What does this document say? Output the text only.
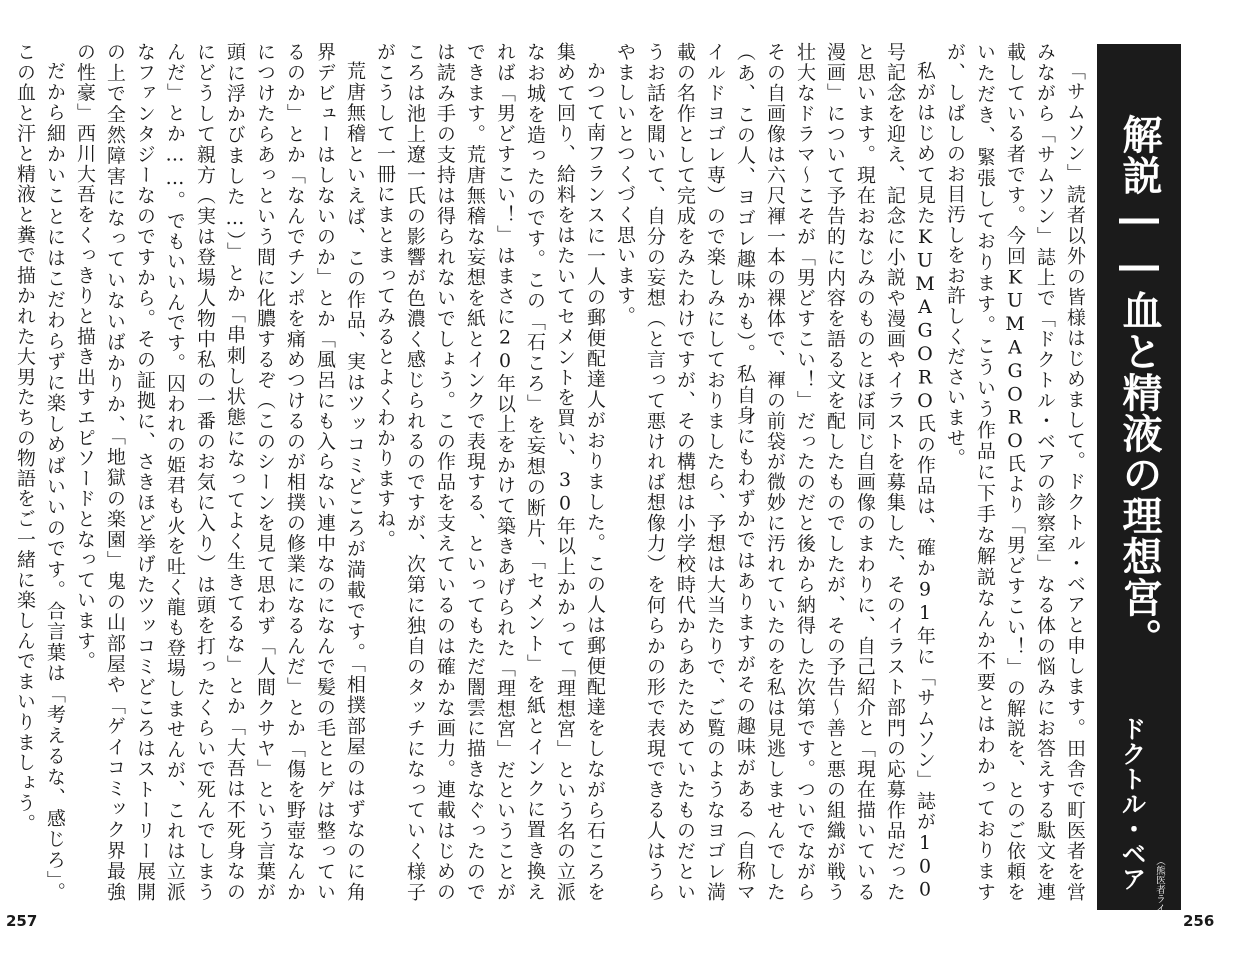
解説――血と精液の理想宮。
ドクトル・ベア
（熊医者ライター）

「サムソン」読者以外の皆様はじめまして。ドクトル・ベアと申します。田舎で町医者を営みながら「サムソン」誌上で「ドクトル・ベアの診察室」なる体の悩みにお答えする駄文を連載している者です。今回KUMAGORO氏より「男どすこい！」の解説を、とのご依頼をいただき、緊張しております。こういう作品に下手な解説なんか不要とはわかっておりますが、しばしのお目汚しをお許しくださいませ。

私がはじめて見たKUMAGORO氏の作品は、確か91年に「サムソン」誌が100号記念を迎え、記念に小説や漫画やイラストを募集した、そのイラスト部門の応募作品だったと思います。現在おなじみのものとほぼ同じ自画像のまわりに、自己紹介と「現在描いている漫画」について予告的に内容を語る文を配したものでしたが、その予告～善と悪の組織が戦う壮大なドラマ～こそが「男どすこい！」だったのだと後から納得した次第です。ついでながらその自画像は六尺褌一本の裸体で、褌の前袋が微妙に汚れていたのを私は見逃しませんでした（あ、この人、ヨゴレ趣味かも）。私自身にもわずかではありますがその趣味がある（自称マイルドヨゴレ専）ので楽しみにしておりましたら、予想は大当たりで、ご覧のようなヨゴレ満載の名作として完成をみたわけですが、その構想は小学校時代からあたためていたものだというお話を聞いて、自分の妄想（と言って悪ければ想像力）を何らかの形で表現できる人はうらやましいとつくづく思います。

かつて南フランスに一人の郵便配達人がおりました。この人は郵便配達をしながら石ころを集めて回り、給料をはたいてセメントを買い、30年以上かかって「理想宮」という名の立派なお城を造ったのです。この「石ころ」を妄想の断片、「セメント」を紙とインクに置き換えれば「男どすこい！」はまさに20年以上をかけて築きあげられた「理想宮」だということができます。荒唐無稽な妄想を紙とインクで表現する、といってもただ闇雲に描きなぐったのでは読み手の支持は得られないでしょう。この作品を支えているのは確かな画力。連載はじめのころは池上遼一氏の影響が色濃く感じられるのですが、次第に独自のタッチになっていく様子がこうして一冊にまとまってみるとよくわかりますね。

荒唐無稽といえば、この作品、実はツッコミどころが満載です。「相撲部屋のはずなのに角界デビューはしないのか」とか「風呂にも入らない連中なのになんで髪の毛とヒゲは整っているのか」とか「なんでチンポを痛めつけるのが相撲の修業になるんだ」とか「傷を野壺なんかにつけたらあっという間に化膿するぞ（このシーンを見て思わず「人間クサヤ」という言葉が頭に浮かびました…）」とか「串刺し状態になってよく生きてるな」とか「大吾は不死身なのにどうして親方（実は登場人物中私の一番のお気に入り）は頭を打ったくらいで死んでしまうんだ」とか……。でもいいんです。囚われの姫君も火を吐く龍も登場しませんが、これは立派なファンタジーなのですから。その証拠に、さきほど挙げたツッコミどころはストーリー展開の上で全然障害になっていないばかりか、「地獄の楽園」鬼の山部屋や「ゲイコミック界最強の性豪」西川大吾をくっきりと描き出すエピソードとなっています。

だから細かいことにはこだわらずに楽しめばいいのです。合言葉は「考えるな、感じろ」。この血と汗と精液と糞で描かれた大男たちの物語をご一緒に楽しんでまいりましょう。

257	256
